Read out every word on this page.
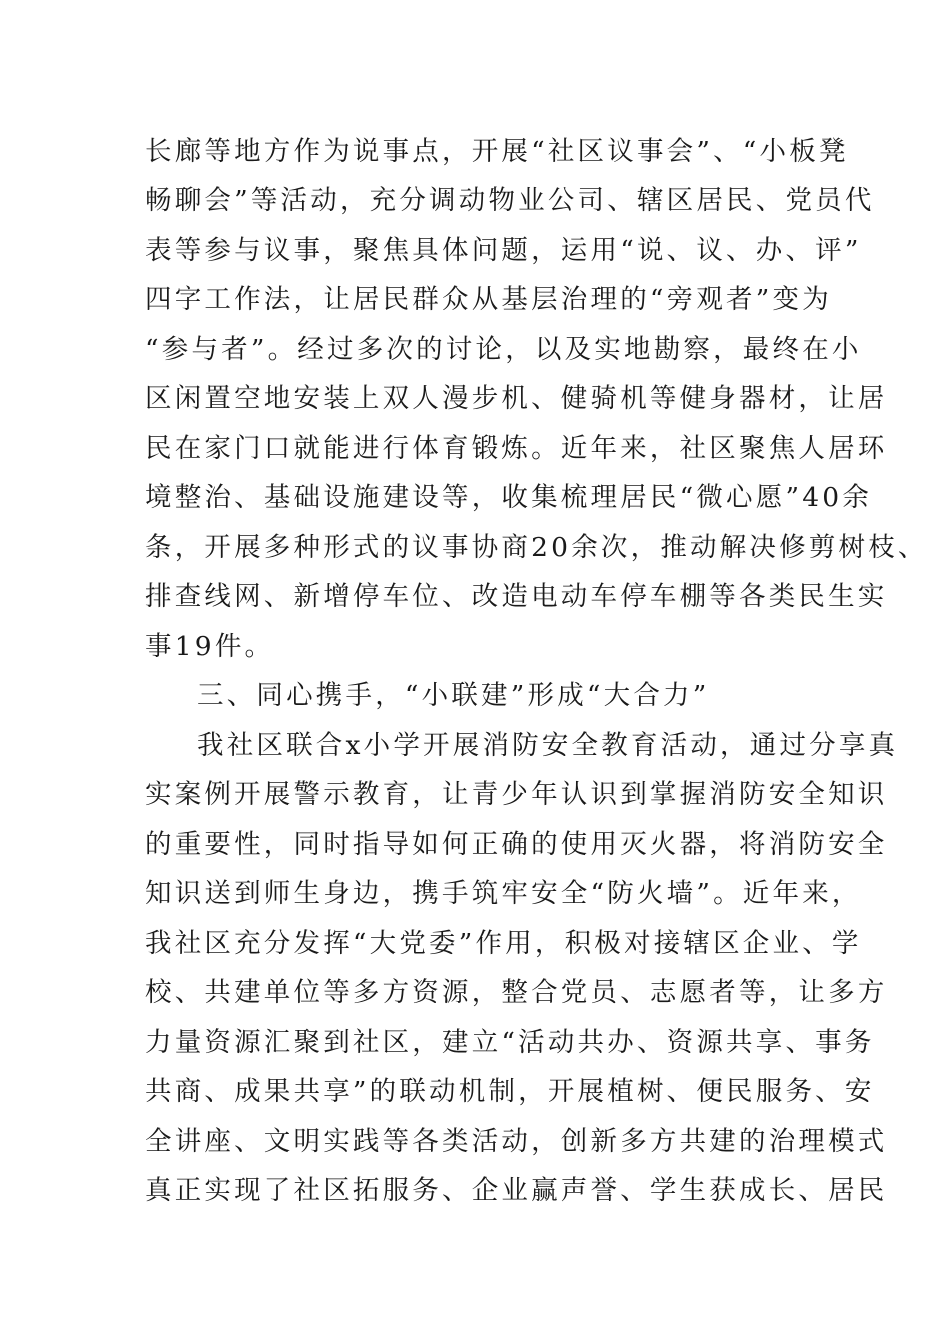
长廊等地方作为说事点，开展“社区议事会”、“小板凳
畅聊会”等活动，充分调动物业公司、辖区居民、党员代
表等参与议事，聚焦具体问题，运用“说、议、办、评”
四字工作法，让居民群众从基层治理的“旁观者”变为
“参与者”。经过多次的讨论，以及实地勘察，最终在小
区闲置空地安装上双人漫步机、健骑机等健身器材，让居
民在家门口就能进行体育锻炼。近年来，社区聚焦人居环
境整治、基础设施建设等，收集梳理居民“微心愿”40余
条，开展多种形式的议事协商20余次，推动解决修剪树枝、
排查线网、新增停车位、改造电动车停车棚等各类民生实
事19件。
三、同心携手，“小联建”形成“大合力”
我社区联合x小学开展消防安全教育活动，通过分享真
实案例开展警示教育，让青少年认识到掌握消防安全知识
的重要性，同时指导如何正确的使用灭火器，将消防安全
知识送到师生身边，携手筑牢安全“防火墙”。近年来，
我社区充分发挥“大党委”作用，积极对接辖区企业、学
校、共建单位等多方资源，整合党员、志愿者等，让多方
力量资源汇聚到社区，建立“活动共办、资源共享、事务
共商、成果共享”的联动机制，开展植树、便民服务、安
全讲座、文明实践等各类活动，创新多方共建的治理模式
真正实现了社区拓服务、企业赢声誉、学生获成长、居民
